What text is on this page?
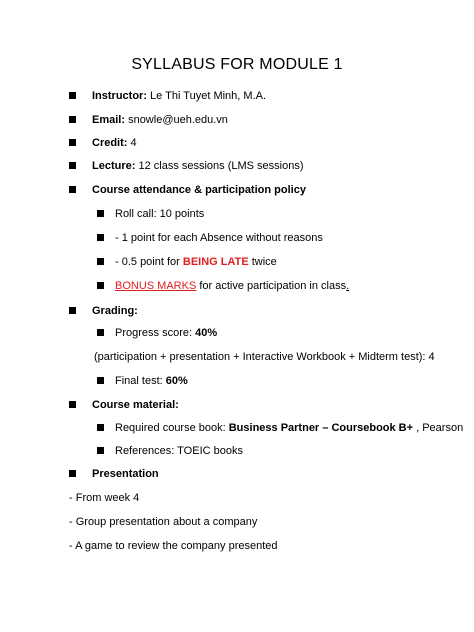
SYLLABUS FOR MODULE 1
Instructor: Le Thi Tuyet Minh, M.A.
Email: snowle@ueh.edu.vn
Credit: 4
Lecture: 12 class sessions (LMS sessions)
Course attendance & participation policy
Roll call: 10 points
- 1 point for each Absence without reasons
- 0.5 point for BEING LATE twice
BONUS MARKS for active participation in class.
Grading:
Progress score: 40%
(participation + presentation + Interactive Workbook + Midterm test): 4
Final test: 60%
Course material:
Required course book: Business Partner – Coursebook B+ , Pearson
References: TOEIC books
Presentation
- From week 4
- Group presentation about a company
- A game to review the company presented
